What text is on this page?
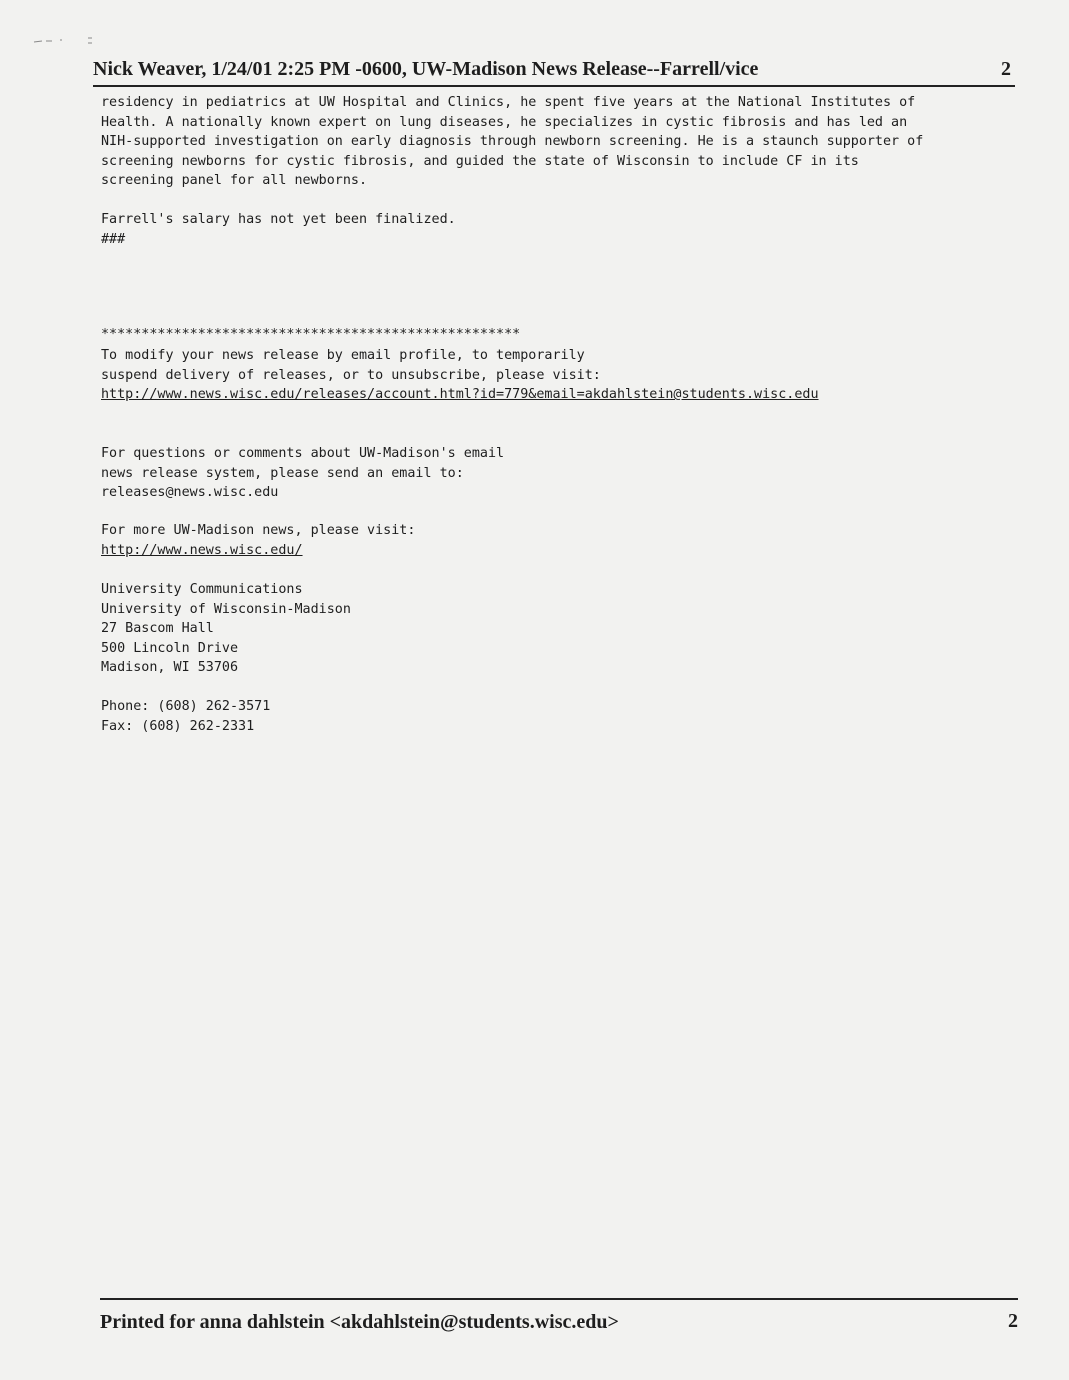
Nick Weaver, 1/24/01 2:25 PM -0600, UW-Madison News Release--Farrell/vice	2
residency in pediatrics at UW Hospital and Clinics, he spent five years at the National Institutes of
Health. A nationally known expert on lung diseases, he specializes in cystic fibrosis and has led an
NIH-supported investigation on early diagnosis through newborn screening. He is a staunch supporter of
screening newborns for cystic fibrosis, and guided the state of Wisconsin to include CF in its
screening panel for all newborns.
Farrell's salary has not yet been finalized.
###
****************************************************
To modify your news release by email profile, to temporarily
suspend delivery of releases, or to unsubscribe, please visit:
http://www.news.wisc.edu/releases/account.html?id=779&email=akdahlstein@students.wisc.edu
For questions or comments about UW-Madison's email
news release system, please send an email to:
releases@news.wisc.edu
For more UW-Madison news, please visit:
http://www.news.wisc.edu/
University Communications
University of Wisconsin-Madison
27 Bascom Hall
500 Lincoln Drive
Madison, WI 53706
Phone: (608) 262-3571
Fax: (608) 262-2331
Printed for anna dahlstein <akdahlstein@students.wisc.edu>	2
